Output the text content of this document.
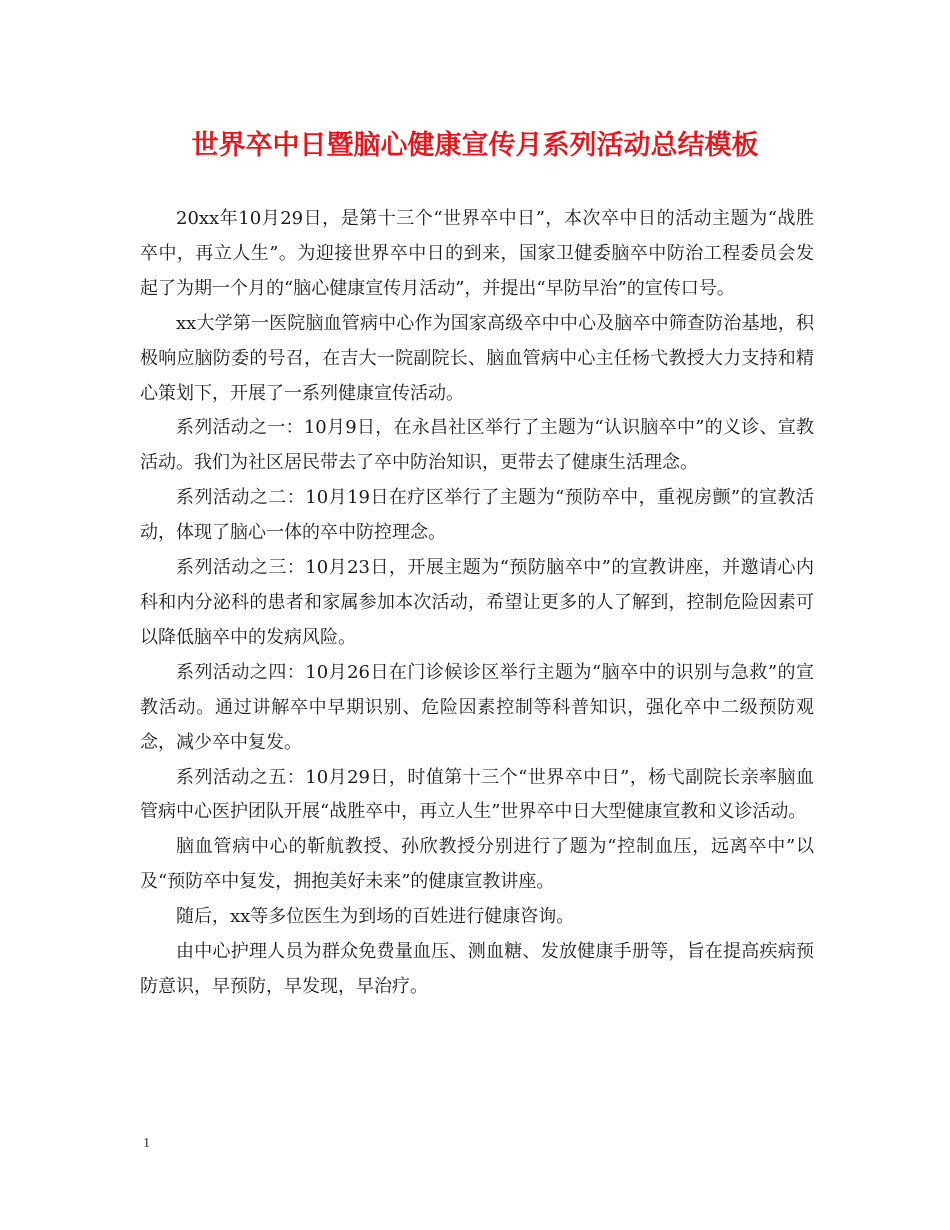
世界卒中日暨脑心健康宣传月系列活动总结模板

20xx年10月29日，是第十三个“世界卒中日”，本次卒中日的活动主题为“战胜卒中，再立人生”。为迎接世界卒中日的到来，国家卫健委脑卒中防治工程委员会发起了为期一个月的“脑心健康宣传月活动”，并提出“早防早治”的宣传口号。

xx大学第一医院脑血管病中心作为国家高级卒中中心及脑卒中筛查防治基地，积极响应脑防委的号召，在吉大一院副院长、脑血管病中心主任杨弋教授大力支持和精心策划下，开展了一系列健康宣传活动。

系列活动之一：10月9日，在永昌社区举行了主题为“认识脑卒中”的义诊、宣教活动。我们为社区居民带去了卒中防治知识，更带去了健康生活理念。

系列活动之二：10月19日在疗区举行了主题为“预防卒中，重视房颤”的宣教活动，体现了脑心一体的卒中防控理念。

系列活动之三：10月23日，开展主题为“预防脑卒中”的宣教讲座，并邀请心内科和内分泌科的患者和家属参加本次活动，希望让更多的人了解到，控制危险因素可以降低脑卒中的发病风险。

系列活动之四：10月26日在门诊候诊区举行主题为“脑卒中的识别与急救”的宣教活动。通过讲解卒中早期识别、危险因素控制等科普知识，强化卒中二级预防观念，减少卒中复发。

系列活动之五：10月29日，时值第十三个“世界卒中日”，杨弋副院长亲率脑血管病中心医护团队开展“战胜卒中，再立人生”世界卒中日大型健康宣教和义诊活动。

脑血管病中心的靳航教授、孙欣教授分别进行了题为“控制血压，远离卒中”以及“预防卒中复发，拥抱美好未来”的健康宣教讲座。

随后，xx等多位医生为到场的百姓进行健康咨询。

由中心护理人员为群众免费量血压、测血糖、发放健康手册等，旨在提高疾病预防意识，早预防，早发现，早治疗。

1
